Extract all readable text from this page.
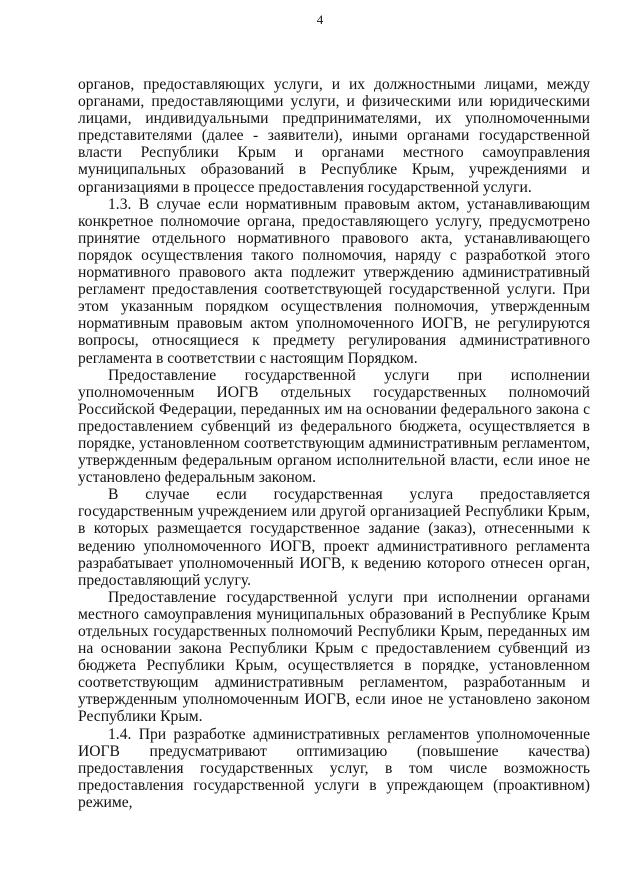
4

органов, предоставляющих услуги, и их должностными лицами, между органами, предоставляющими услуги, и физическими или юридическими лицами, индивидуальными предпринимателями, их уполномоченными представителями (далее - заявители), иными органами государственной власти Республики Крым и органами местного самоуправления муниципальных образований в Республике Крым, учреждениями и организациями в процессе предоставления государственной услуги.

1.3. В случае если нормативным правовым актом, устанавливающим конкретное полномочие органа, предоставляющего услугу, предусмотрено принятие отдельного нормативного правового акта, устанавливающего порядок осуществления такого полномочия, наряду с разработкой этого нормативного правового акта подлежит утверждению административный регламент предоставления соответствующей государственной услуги. При этом указанным порядком осуществления полномочия, утвержденным нормативным правовым актом уполномоченного ИОГВ, не регулируются вопросы, относящиеся к предмету регулирования административного регламента в соответствии с настоящим Порядком.

Предоставление государственной услуги при исполнении уполномоченным ИОГВ отдельных государственных полномочий Российской Федерации, переданных им на основании федерального закона с предоставлением субвенций из федерального бюджета, осуществляется в порядке, установленном соответствующим административным регламентом, утвержденным федеральным органом исполнительной власти, если иное не установлено федеральным законом.

В случае если государственная услуга предоставляется государственным учреждением или другой организацией Республики Крым, в которых размещается государственное задание (заказ), отнесенными к ведению уполномоченного ИОГВ, проект административного регламента разрабатывает уполномоченный ИОГВ, к ведению которого отнесен орган, предоставляющий услугу.

Предоставление государственной услуги при исполнении органами местного самоуправления муниципальных образований в Республике Крым отдельных государственных полномочий Республики Крым, переданных им на основании закона Республики Крым с предоставлением субвенций из бюджета Республики Крым, осуществляется в порядке, установленном соответствующим административным регламентом, разработанным и утвержденным уполномоченным ИОГВ, если иное не установлено законом Республики Крым.

1.4. При разработке административных регламентов уполномоченные ИОГВ предусматривают оптимизацию (повышение качества) предоставления государственных услуг, в том числе возможность предоставления государственной услуги в упреждающем (проактивном) режиме,
